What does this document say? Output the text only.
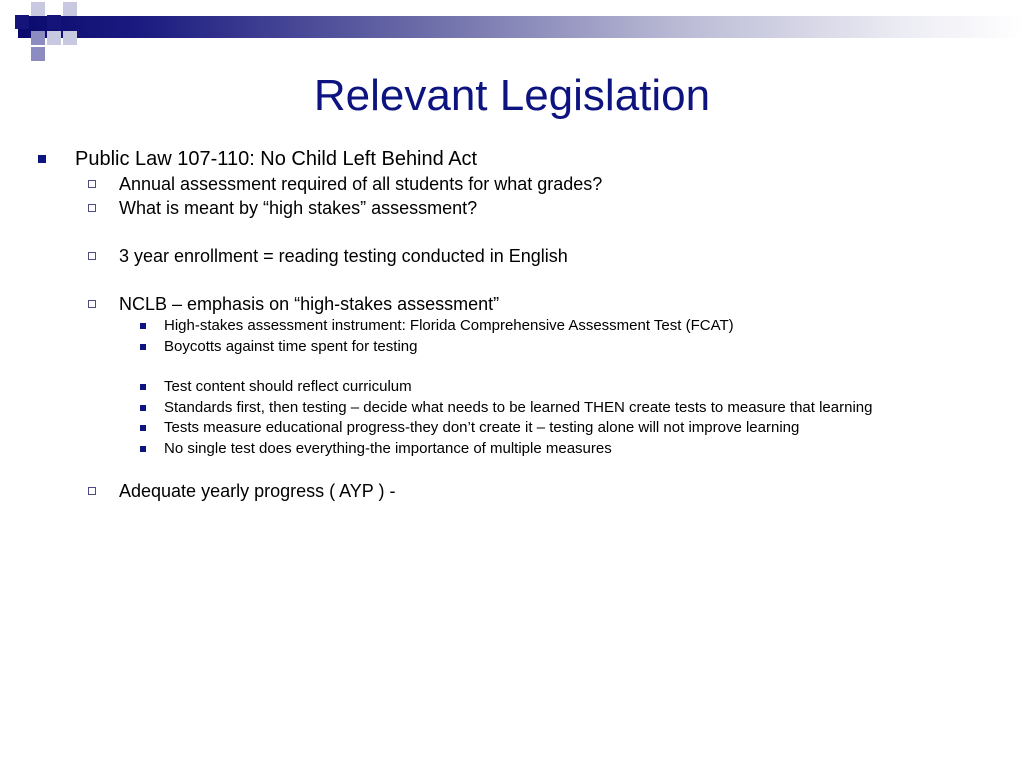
Relevant Legislation
Public Law 107-110: No Child Left Behind Act
Annual assessment required of all students for what grades?
What is meant by “high stakes” assessment?
3 year enrollment = reading testing conducted in English
NCLB – emphasis on “high-stakes assessment”
High-stakes assessment instrument: Florida Comprehensive Assessment Test (FCAT)
Boycotts against time spent for testing
Test content should reflect curriculum
Standards first, then testing – decide what needs to be learned THEN create tests to measure that learning
Tests measure educational progress-they don’t create it – testing alone will not improve learning
No single test does everything-the importance of multiple measures
Adequate yearly progress ( AYP ) -
